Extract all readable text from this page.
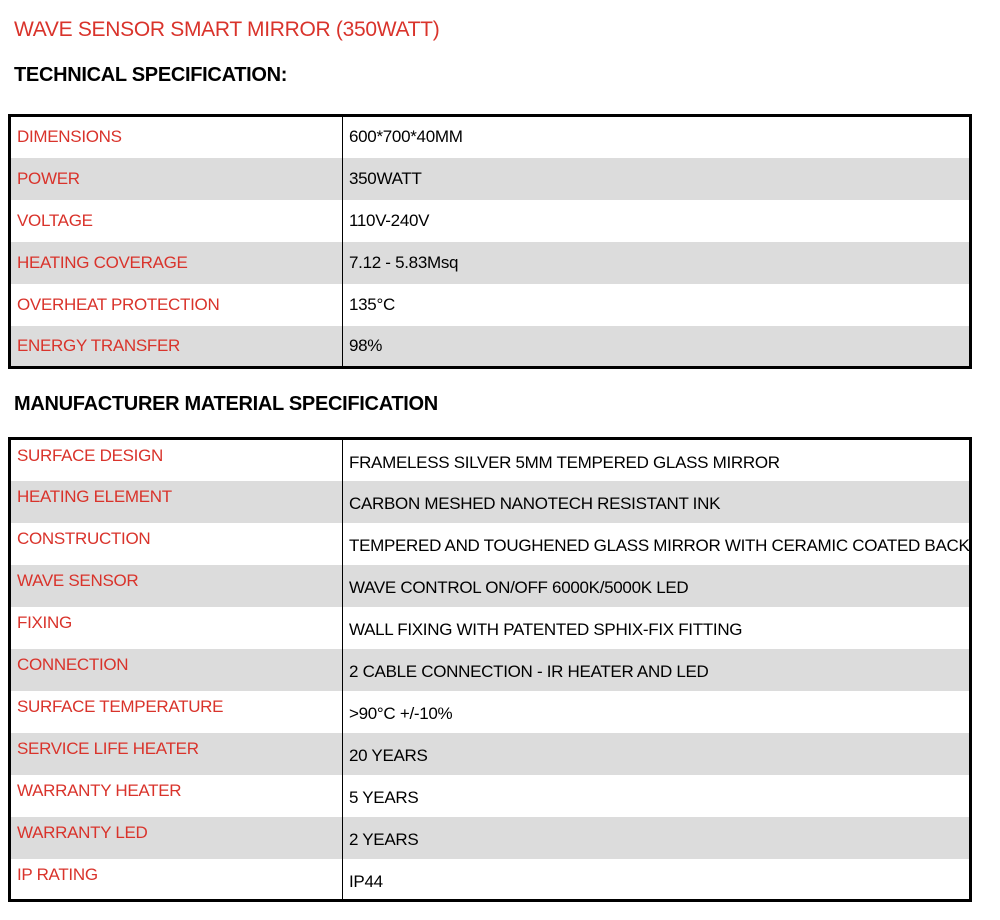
WAVE SENSOR SMART MIRROR (350WATT)
TECHNICAL SPECIFICATION:
DIMENSIONS	600*700*40MM
POWER	350WATT
VOLTAGE	110V-240V
HEATING COVERAGE	7.12 - 5.83Msq
OVERHEAT PROTECTION	135°C
ENERGY TRANSFER	98%
MANUFACTURER MATERIAL SPECIFICATION
SURFACE DESIGN	FRAMELESS SILVER 5MM TEMPERED GLASS MIRROR
HEATING ELEMENT	CARBON MESHED NANOTECH RESISTANT INK
CONSTRUCTION	TEMPERED AND TOUGHENED GLASS MIRROR WITH CERAMIC COATED BACK
WAVE SENSOR	WAVE CONTROL ON/OFF 6000K/5000K LED
FIXING	WALL FIXING WITH PATENTED SPHIX-FIX FITTING
CONNECTION	2 CABLE CONNECTION - IR HEATER AND LED
SURFACE TEMPERATURE	>90°C +/-10%
SERVICE LIFE HEATER	20 YEARS
WARRANTY HEATER	5 YEARS
WARRANTY LED	2 YEARS
IP RATING	IP44
